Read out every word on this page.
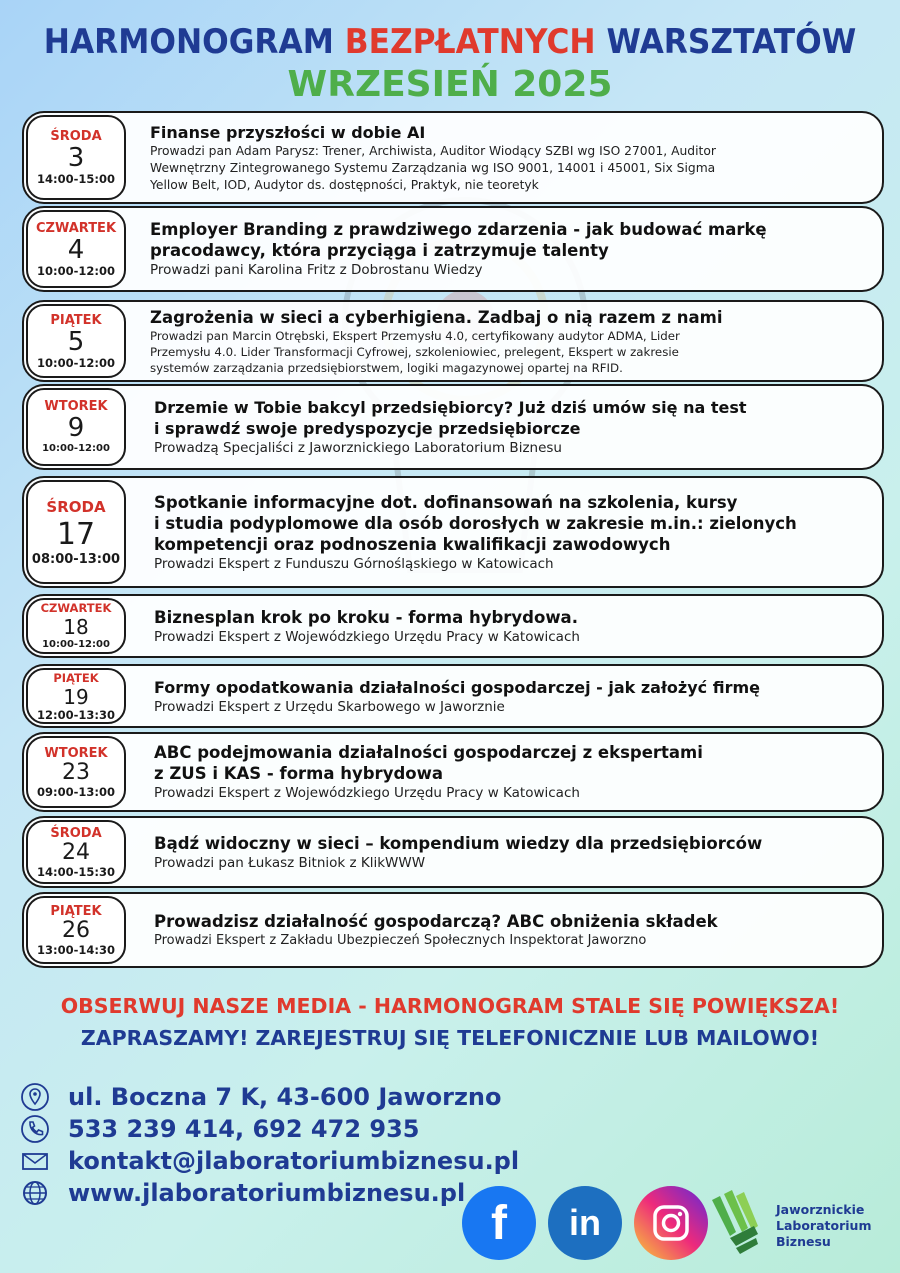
HARMONOGRAM BEZPŁATNYCH WARSZTATÓW
WRZESIEŃ 2025
ŚRODA
3
14:00-15:00
Finanse przyszłości w dobie AI
Prowadzi pan Adam Parysz: Trener, Archiwista, Auditor Wiodący SZBI wg ISO 27001, Auditor
Wewnętrzny Zintegrowanego Systemu Zarządzania wg ISO 9001, 14001 i 45001, Six Sigma
Yellow Belt, IOD, Audytor ds. dostępności, Praktyk, nie teoretyk
CZWARTEK
4
10:00-12:00
Employer Branding z prawdziwego zdarzenia - jak budować markę
pracodawcy, która przyciąga i zatrzymuje talenty
Prowadzi pani Karolina Fritz z Dobrostanu Wiedzy
PIĄTEK
5
10:00-12:00
Zagrożenia w sieci a cyberhigiena. Zadbaj o nią razem z nami
Prowadzi pan Marcin Otrębski, Ekspert Przemysłu 4.0, certyfikowany audytor ADMA, Lider
Przemysłu 4.0. Lider Transformacji Cyfrowej, szkoleniowiec, prelegent, Ekspert w zakresie
systemów zarządzania przedsiębiorstwem, logiki magazynowej opartej na RFID.
WTOREK
9
10:00-12:00
Drzemie w Tobie bakcyl przedsiębiorcy? Już dziś umów się na test
i sprawdź swoje predyspozycje przedsiębiorcze
Prowadzą Specjaliści z Jaworznickiego Laboratorium Biznesu
ŚRODA
17
08:00-13:00
Spotkanie informacyjne dot. dofinansowań na szkolenia, kursy
i studia podyplomowe dla osób dorosłych w zakresie m.in.: zielonych
kompetencji oraz podnoszenia kwalifikacji zawodowych
Prowadzi Ekspert z Funduszu Górnośląskiego w Katowicach
CZWARTEK
18
10:00-12:00
Biznesplan krok po kroku - forma hybrydowa.
Prowadzi Ekspert z Wojewódzkiego Urzędu Pracy w Katowicach
PIĄTEK
19
12:00-13:30
Formy opodatkowania działalności gospodarczej - jak założyć firmę
Prowadzi Ekspert z Urzędu Skarbowego w Jaworznie
WTOREK
23
09:00-13:00
ABC podejmowania działalności gospodarczej z ekspertami
z ZUS i KAS - forma hybrydowa
Prowadzi Ekspert z Wojewódzkiego Urzędu Pracy w Katowicach
ŚRODA
24
14:00-15:30
Bądź widoczny w sieci – kompendium wiedzy dla przedsiębiorców
Prowadzi pan Łukasz Bitniok z KlikWWW
PIĄTEK
26
13:00-14:30
Prowadzisz działalność gospodarczą? ABC obniżenia składek
Prowadzi Ekspert z Zakładu Ubezpieczeń Społecznych Inspektorat Jaworzno
OBSERWUJ NASZE MEDIA - HARMONOGRAM STALE SIĘ POWIĘKSZA!
ZAPRASZAMY! ZAREJESTRUJ SIĘ TELEFONICZNIE LUB MAILOWO!
ul. Boczna 7 K, 43-600 Jaworzno
533 239 414, 692 472 935
kontakt@jlaboratoriumbiznesu.pl
www.jlaboratoriumbiznesu.pl
f in	Jaworznickie
Laboratorium
Biznesu
